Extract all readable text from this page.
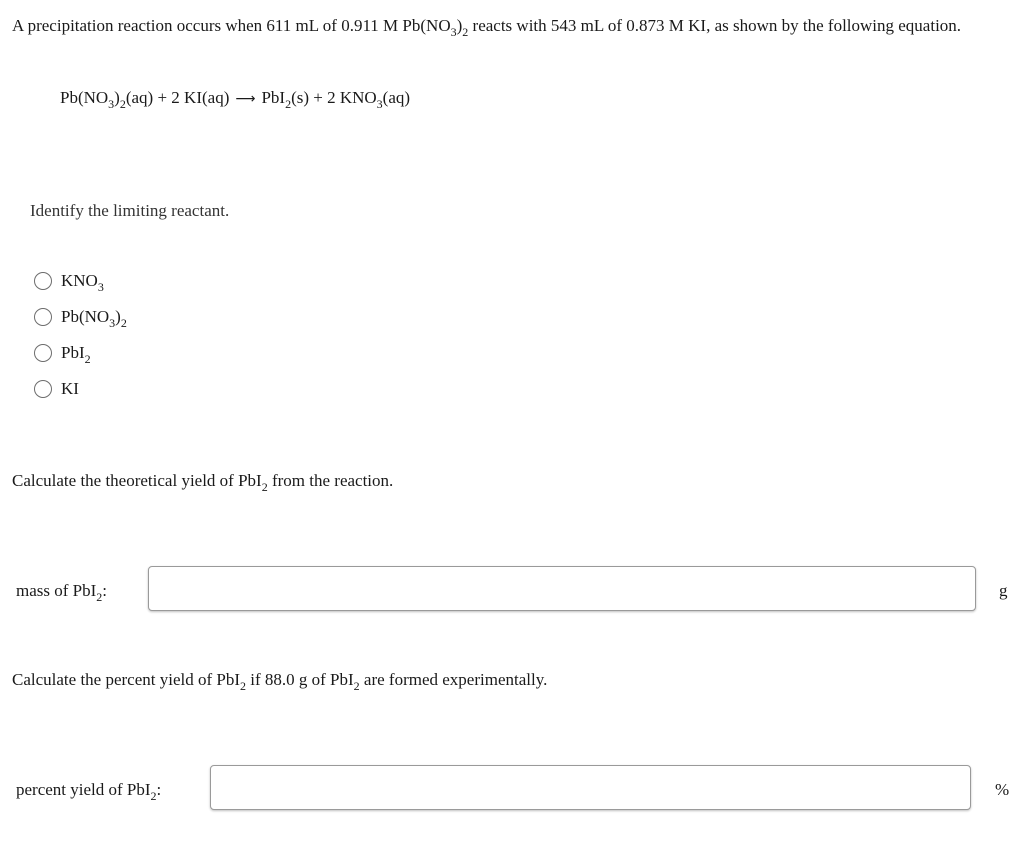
A precipitation reaction occurs when 611 mL of 0.911 M $Pb(NO_3)_2$ reacts with 543 mL of 0.873 M KI, as shown by the following equation.
$Pb(NO_3)_2(aq) + 2$ KI(aq) ⟶ PbI$_2$(s) + 2 $KNO_3(aq)$
Identify the limiting reactant.
$KNO_3$
$Pb(NO_3)_2$
PbI$_2$
KI
Calculate the theoretical yield of PbI$_2$ from the reaction.
mass of PbI$_2$:	g
Calculate the percent yield of PbI$_2$ if 88.0 g of PbI$_2$ are formed experimentally.
percent yield of PbI$_2$:	%
